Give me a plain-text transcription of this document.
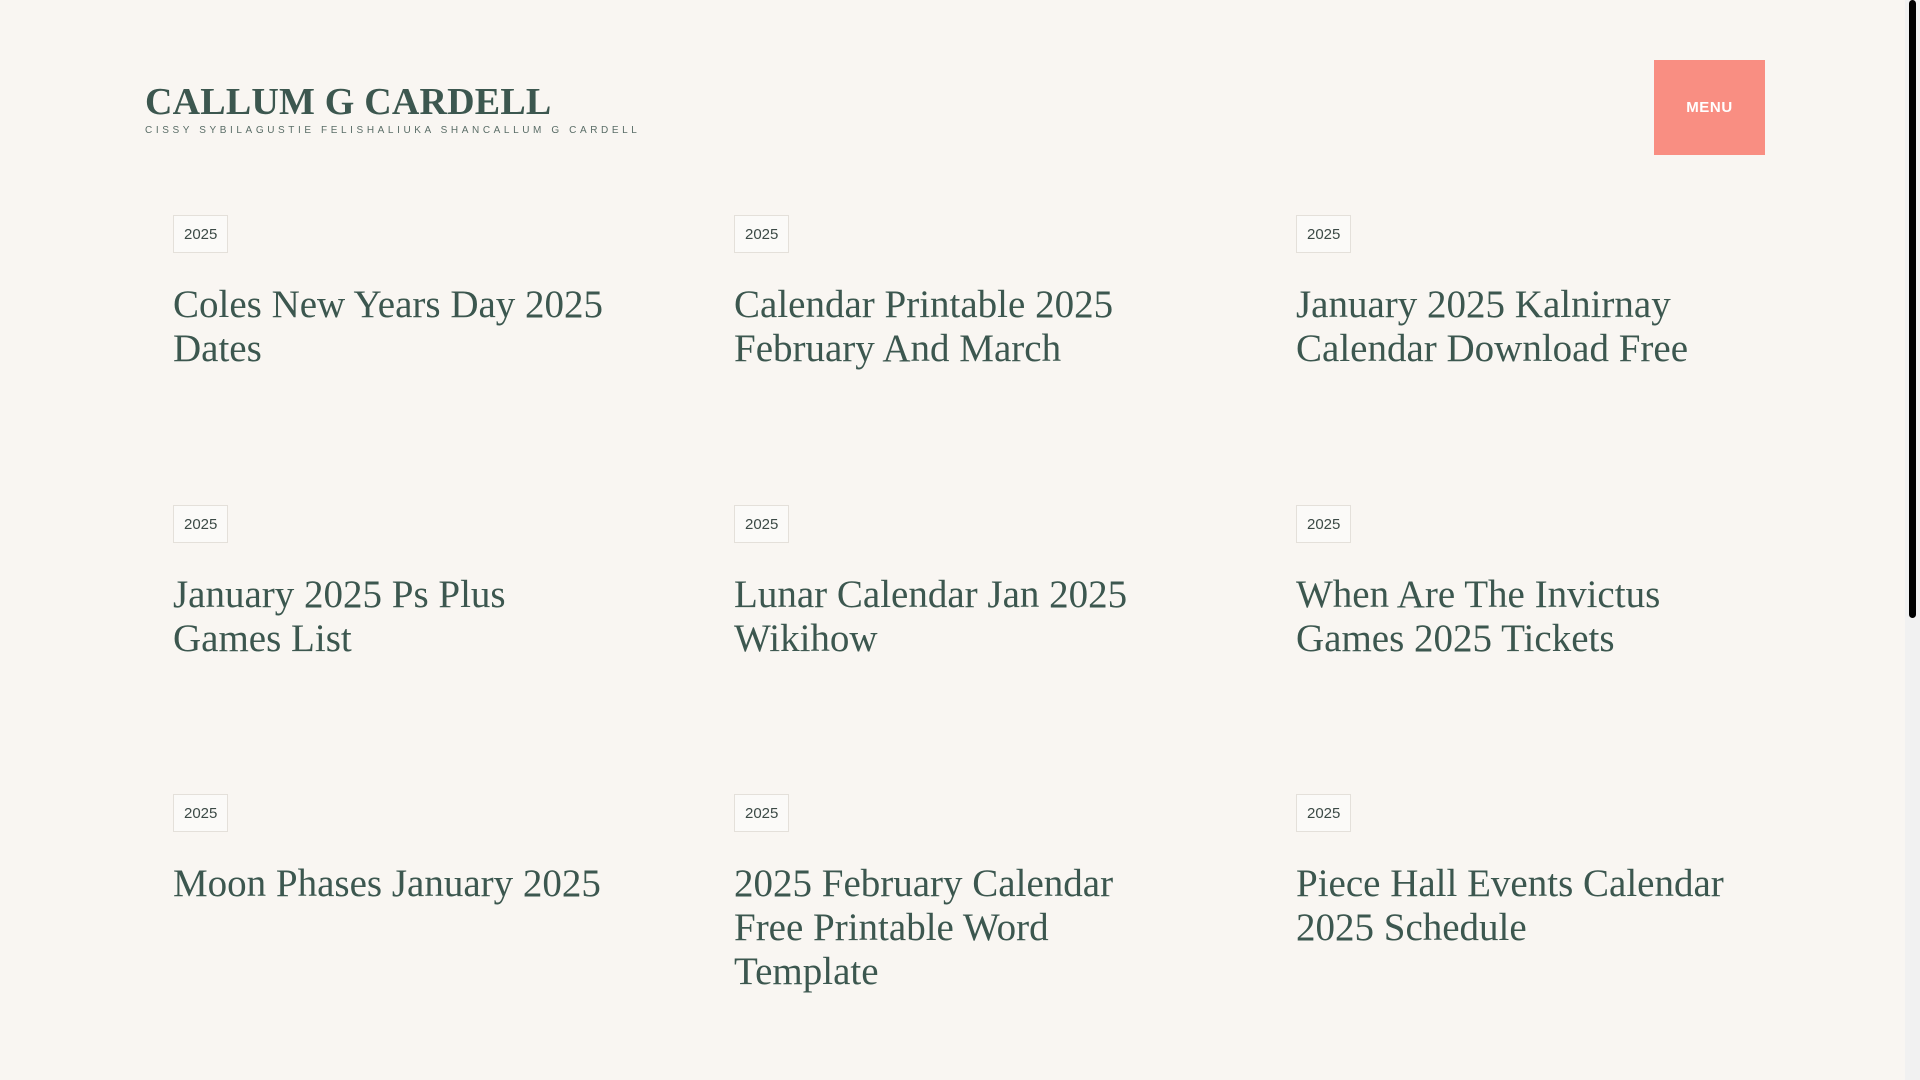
CALLUM G CARDELL
CISSY SYBILAGUSTIE FELISHALIUKA SHANCALLUM G CARDELL
MENU
2025
Coles New Years Day 2025 Dates
2025
Calendar Printable 2025 February And March
2025
January 2025 Kalnirnay Calendar Download Free
2025
January 2025 Ps Plus Games List
2025
Lunar Calendar Jan 2025 Wikihow
2025
When Are The Invictus Games 2025 Tickets
2025
Moon Phases January 2025
2025
2025 February Calendar Free Printable Word Template
2025
Piece Hall Events Calendar 2025 Schedule
